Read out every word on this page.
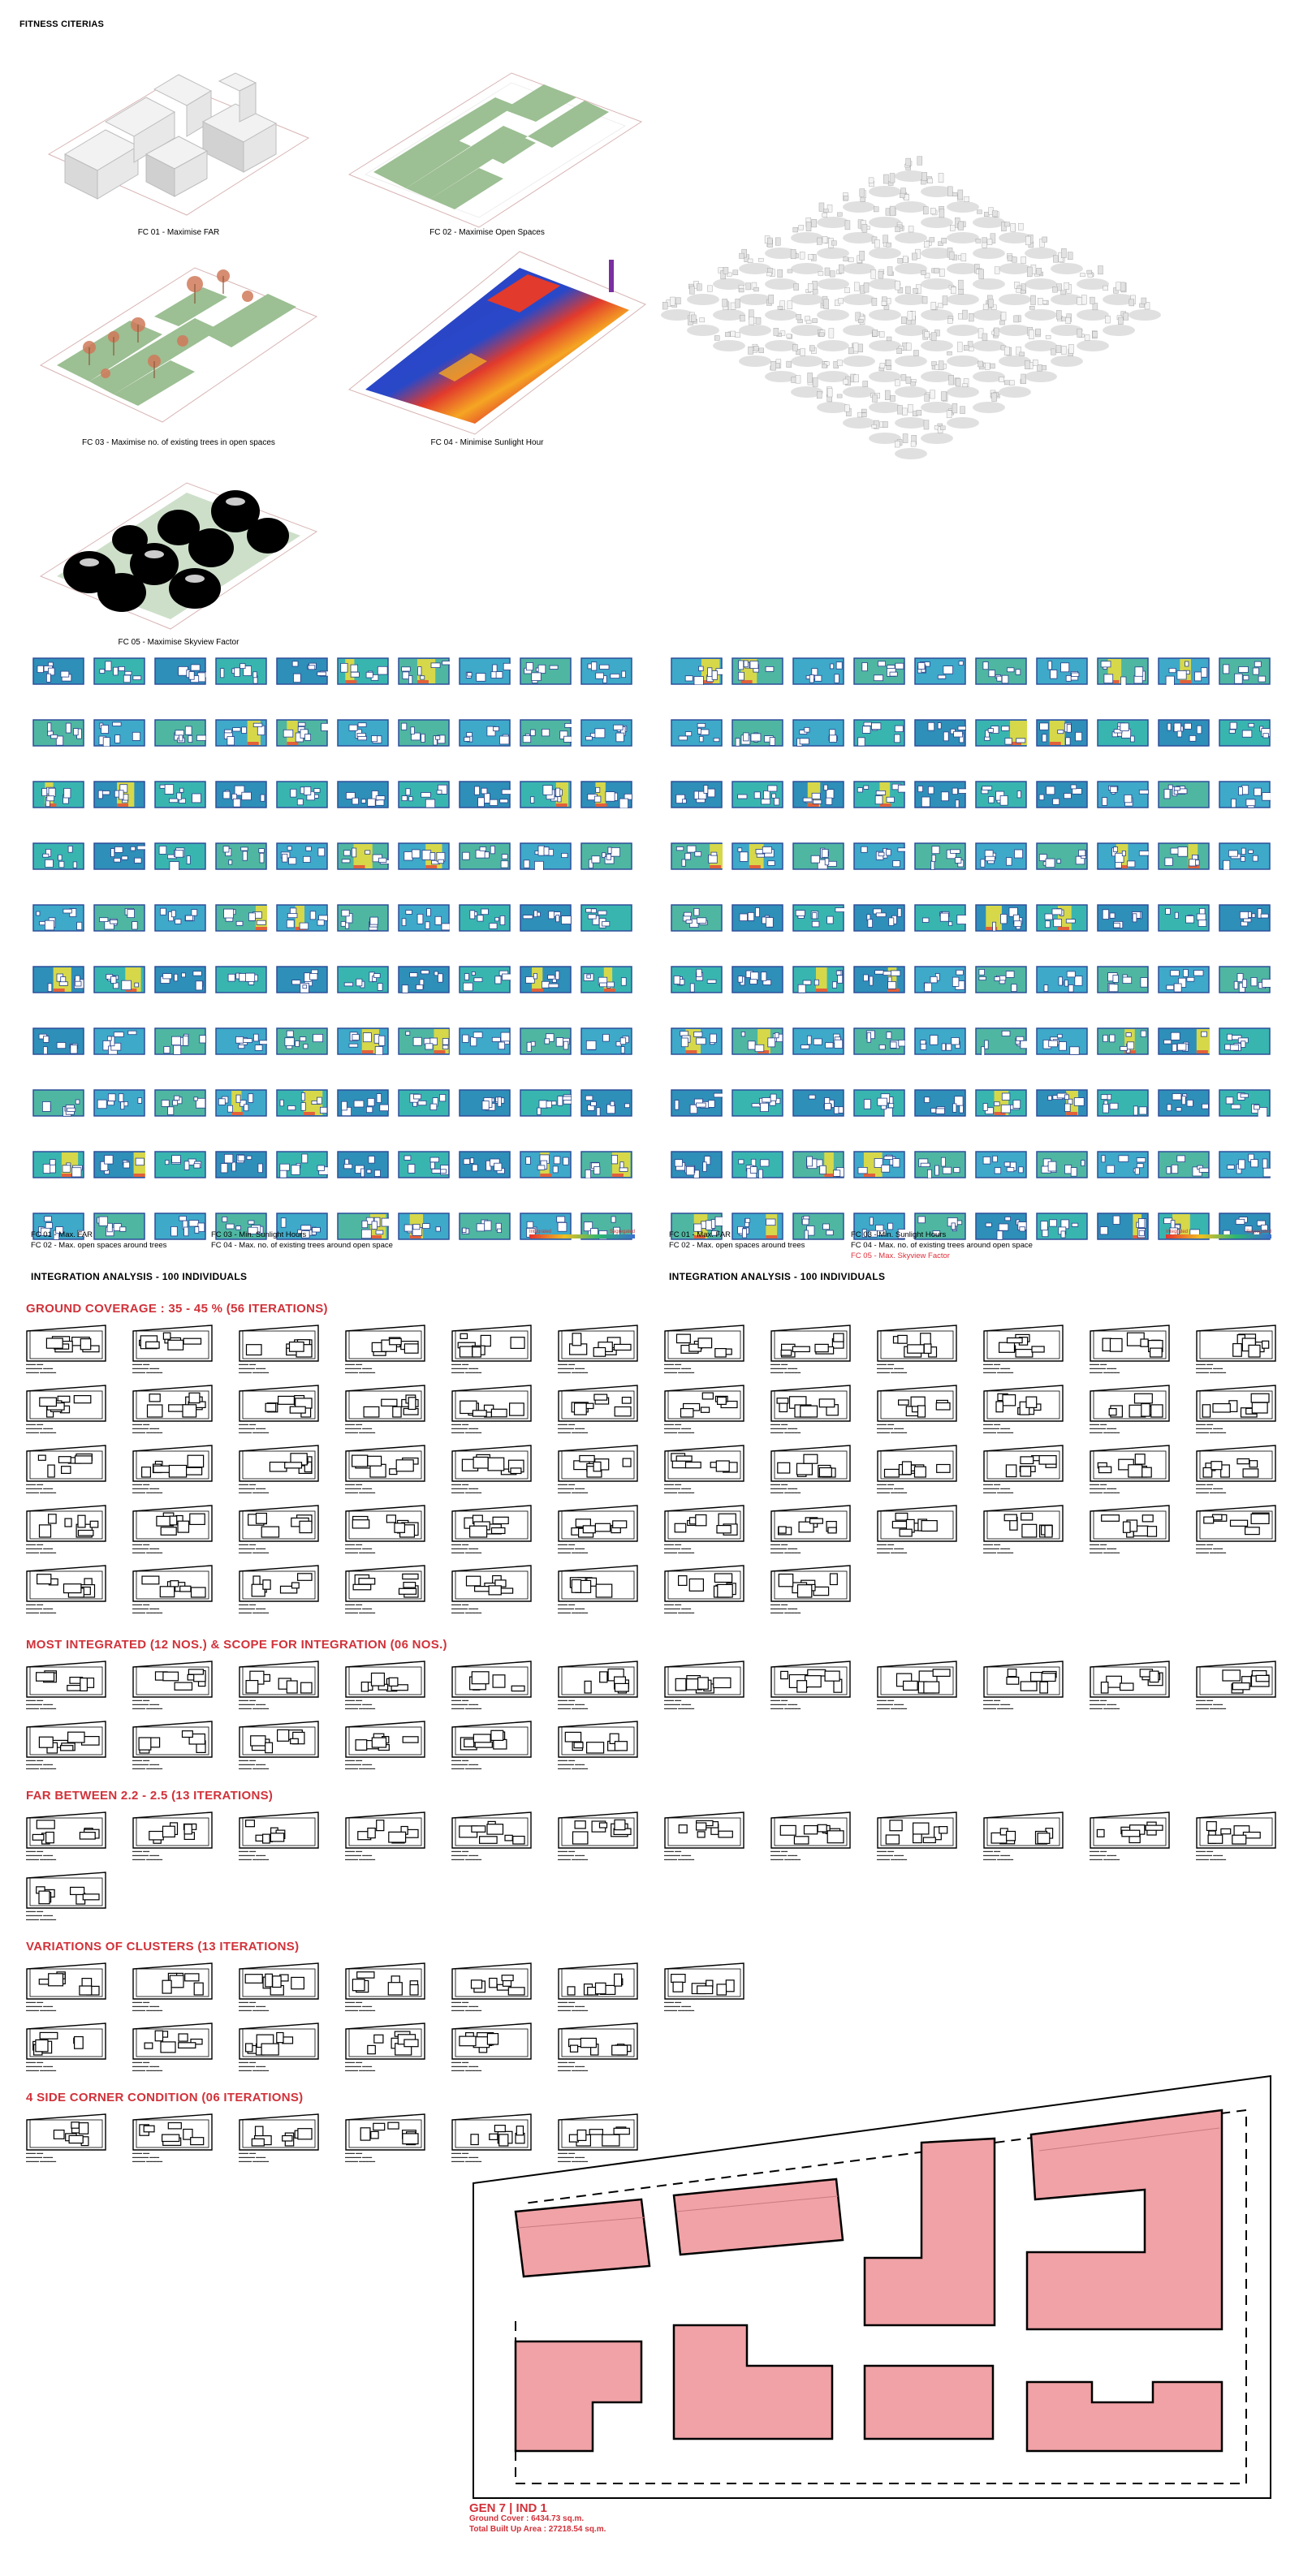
FITNESS CITERIAS
FC 01 - Maximise FAR	FC 02 - Maximise Open Spaces
FC 03 - Maximise no. of existing trees in open spaces	FC 04 - Minimise Sunlight Hour
FC 05 - Maximise Skyview Factor
FC 01 - Max. FAR
FC 02 - Max. open spaces around trees
FC 03 - Min. Sunlight Hours
FC 04 - Max. no. of existing trees around open space
Integrated	Segregated
INTEGRATION ANALYSIS - 100 INDIVIDUALS
FC 01 - Max. FAR
FC 02 - Max. open spaces around trees
FC 03 - Min. Sunlight Hours
FC 04 - Max. no. of existing trees around open space
FC 05 - Max. Skyview Factor
Integrated	Segregated
INTEGRATION ANALYSIS - 100 INDIVIDUALS
GROUND COVERAGE : 35 - 45 % (56 ITERATIONS)
▬▬▬ ▬▬
▬▬▬▬▬ ▬▬▬
▬▬▬▬ ▬▬▬▬▬
▬▬▬ ▬▬
▬▬▬▬▬ ▬▬▬
▬▬▬▬ ▬▬▬▬▬
▬▬▬ ▬▬
▬▬▬▬▬ ▬▬▬
▬▬▬▬ ▬▬▬▬▬
▬▬▬ ▬▬
▬▬▬▬▬ ▬▬▬
▬▬▬▬ ▬▬▬▬▬
▬▬▬ ▬▬
▬▬▬▬▬ ▬▬▬
▬▬▬▬ ▬▬▬▬▬
▬▬▬ ▬▬
▬▬▬▬▬ ▬▬▬
▬▬▬▬ ▬▬▬▬▬
▬▬▬ ▬▬
▬▬▬▬▬ ▬▬▬
▬▬▬▬ ▬▬▬▬▬
▬▬▬ ▬▬
▬▬▬▬▬ ▬▬▬
▬▬▬▬ ▬▬▬▬▬
▬▬▬ ▬▬
▬▬▬▬▬ ▬▬▬
▬▬▬▬ ▬▬▬▬▬
▬▬▬ ▬▬
▬▬▬▬▬ ▬▬▬
▬▬▬▬ ▬▬▬▬▬
▬▬▬ ▬▬
▬▬▬▬▬ ▬▬▬
▬▬▬▬ ▬▬▬▬▬
▬▬▬ ▬▬
▬▬▬▬▬ ▬▬▬
▬▬▬▬ ▬▬▬▬▬
▬▬▬ ▬▬
▬▬▬▬▬ ▬▬▬
▬▬▬▬ ▬▬▬▬▬
▬▬▬ ▬▬
▬▬▬▬▬ ▬▬▬
▬▬▬▬ ▬▬▬▬▬
▬▬▬ ▬▬
▬▬▬▬▬ ▬▬▬
▬▬▬▬ ▬▬▬▬▬
▬▬▬ ▬▬
▬▬▬▬▬ ▬▬▬
▬▬▬▬ ▬▬▬▬▬
▬▬▬ ▬▬
▬▬▬▬▬ ▬▬▬
▬▬▬▬ ▬▬▬▬▬
▬▬▬ ▬▬
▬▬▬▬▬ ▬▬▬
▬▬▬▬ ▬▬▬▬▬
▬▬▬ ▬▬
▬▬▬▬▬ ▬▬▬
▬▬▬▬ ▬▬▬▬▬
▬▬▬ ▬▬
▬▬▬▬▬ ▬▬▬
▬▬▬▬ ▬▬▬▬▬
▬▬▬ ▬▬
▬▬▬▬▬ ▬▬▬
▬▬▬▬ ▬▬▬▬▬
▬▬▬ ▬▬
▬▬▬▬▬ ▬▬▬
▬▬▬▬ ▬▬▬▬▬
▬▬▬ ▬▬
▬▬▬▬▬ ▬▬▬
▬▬▬▬ ▬▬▬▬▬
▬▬▬ ▬▬
▬▬▬▬▬ ▬▬▬
▬▬▬▬ ▬▬▬▬▬
▬▬▬ ▬▬
▬▬▬▬▬ ▬▬▬
▬▬▬▬ ▬▬▬▬▬
▬▬▬ ▬▬
▬▬▬▬▬ ▬▬▬
▬▬▬▬ ▬▬▬▬▬
▬▬▬ ▬▬
▬▬▬▬▬ ▬▬▬
▬▬▬▬ ▬▬▬▬▬
▬▬▬ ▬▬
▬▬▬▬▬ ▬▬▬
▬▬▬▬ ▬▬▬▬▬
▬▬▬ ▬▬
▬▬▬▬▬ ▬▬▬
▬▬▬▬ ▬▬▬▬▬
▬▬▬ ▬▬
▬▬▬▬▬ ▬▬▬
▬▬▬▬ ▬▬▬▬▬
▬▬▬ ▬▬
▬▬▬▬▬ ▬▬▬
▬▬▬▬ ▬▬▬▬▬
▬▬▬ ▬▬
▬▬▬▬▬ ▬▬▬
▬▬▬▬ ▬▬▬▬▬
▬▬▬ ▬▬
▬▬▬▬▬ ▬▬▬
▬▬▬▬ ▬▬▬▬▬
▬▬▬ ▬▬
▬▬▬▬▬ ▬▬▬
▬▬▬▬ ▬▬▬▬▬
▬▬▬ ▬▬
▬▬▬▬▬ ▬▬▬
▬▬▬▬ ▬▬▬▬▬
▬▬▬ ▬▬
▬▬▬▬▬ ▬▬▬
▬▬▬▬ ▬▬▬▬▬
▬▬▬ ▬▬
▬▬▬▬▬ ▬▬▬
▬▬▬▬ ▬▬▬▬▬
▬▬▬ ▬▬
▬▬▬▬▬ ▬▬▬
▬▬▬▬ ▬▬▬▬▬
▬▬▬ ▬▬
▬▬▬▬▬ ▬▬▬
▬▬▬▬ ▬▬▬▬▬
▬▬▬ ▬▬
▬▬▬▬▬ ▬▬▬
▬▬▬▬ ▬▬▬▬▬
▬▬▬ ▬▬
▬▬▬▬▬ ▬▬▬
▬▬▬▬ ▬▬▬▬▬
▬▬▬ ▬▬
▬▬▬▬▬ ▬▬▬
▬▬▬▬ ▬▬▬▬▬
▬▬▬ ▬▬
▬▬▬▬▬ ▬▬▬
▬▬▬▬ ▬▬▬▬▬
▬▬▬ ▬▬
▬▬▬▬▬ ▬▬▬
▬▬▬▬ ▬▬▬▬▬
▬▬▬ ▬▬
▬▬▬▬▬ ▬▬▬
▬▬▬▬ ▬▬▬▬▬
▬▬▬ ▬▬
▬▬▬▬▬ ▬▬▬
▬▬▬▬ ▬▬▬▬▬
▬▬▬ ▬▬
▬▬▬▬▬ ▬▬▬
▬▬▬▬ ▬▬▬▬▬
▬▬▬ ▬▬
▬▬▬▬▬ ▬▬▬
▬▬▬▬ ▬▬▬▬▬
▬▬▬ ▬▬
▬▬▬▬▬ ▬▬▬
▬▬▬▬ ▬▬▬▬▬
▬▬▬ ▬▬
▬▬▬▬▬ ▬▬▬
▬▬▬▬ ▬▬▬▬▬
▬▬▬ ▬▬
▬▬▬▬▬ ▬▬▬
▬▬▬▬ ▬▬▬▬▬
▬▬▬ ▬▬
▬▬▬▬▬ ▬▬▬
▬▬▬▬ ▬▬▬▬▬
▬▬▬ ▬▬
▬▬▬▬▬ ▬▬▬
▬▬▬▬ ▬▬▬▬▬
▬▬▬ ▬▬
▬▬▬▬▬ ▬▬▬
▬▬▬▬ ▬▬▬▬▬
▬▬▬ ▬▬
▬▬▬▬▬ ▬▬▬
▬▬▬▬ ▬▬▬▬▬
▬▬▬ ▬▬
▬▬▬▬▬ ▬▬▬
▬▬▬▬ ▬▬▬▬▬
MOST INTEGRATED (12 NOS.) & SCOPE FOR INTEGRATION (06 NOS.)
▬▬▬ ▬▬
▬▬▬▬▬ ▬▬▬
▬▬▬▬ ▬▬▬▬▬
▬▬▬ ▬▬
▬▬▬▬▬ ▬▬▬
▬▬▬▬ ▬▬▬▬▬
▬▬▬ ▬▬
▬▬▬▬▬ ▬▬▬
▬▬▬▬ ▬▬▬▬▬
▬▬▬ ▬▬
▬▬▬▬▬ ▬▬▬
▬▬▬▬ ▬▬▬▬▬
▬▬▬ ▬▬
▬▬▬▬▬ ▬▬▬
▬▬▬▬ ▬▬▬▬▬
▬▬▬ ▬▬
▬▬▬▬▬ ▬▬▬
▬▬▬▬ ▬▬▬▬▬
▬▬▬ ▬▬
▬▬▬▬▬ ▬▬▬
▬▬▬▬ ▬▬▬▬▬
▬▬▬ ▬▬
▬▬▬▬▬ ▬▬▬
▬▬▬▬ ▬▬▬▬▬
▬▬▬ ▬▬
▬▬▬▬▬ ▬▬▬
▬▬▬▬ ▬▬▬▬▬
▬▬▬ ▬▬
▬▬▬▬▬ ▬▬▬
▬▬▬▬ ▬▬▬▬▬
▬▬▬ ▬▬
▬▬▬▬▬ ▬▬▬
▬▬▬▬ ▬▬▬▬▬
▬▬▬ ▬▬
▬▬▬▬▬ ▬▬▬
▬▬▬▬ ▬▬▬▬▬
▬▬▬ ▬▬
▬▬▬▬▬ ▬▬▬
▬▬▬▬ ▬▬▬▬▬
▬▬▬ ▬▬
▬▬▬▬▬ ▬▬▬
▬▬▬▬ ▬▬▬▬▬
▬▬▬ ▬▬
▬▬▬▬▬ ▬▬▬
▬▬▬▬ ▬▬▬▬▬
▬▬▬ ▬▬
▬▬▬▬▬ ▬▬▬
▬▬▬▬ ▬▬▬▬▬
▬▬▬ ▬▬
▬▬▬▬▬ ▬▬▬
▬▬▬▬ ▬▬▬▬▬
▬▬▬ ▬▬
▬▬▬▬▬ ▬▬▬
▬▬▬▬ ▬▬▬▬▬
FAR BETWEEN 2.2 - 2.5 (13 ITERATIONS)
▬▬▬ ▬▬
▬▬▬▬▬ ▬▬▬
▬▬▬▬ ▬▬▬▬▬
▬▬▬ ▬▬
▬▬▬▬▬ ▬▬▬
▬▬▬▬ ▬▬▬▬▬
▬▬▬ ▬▬
▬▬▬▬▬ ▬▬▬
▬▬▬▬ ▬▬▬▬▬
▬▬▬ ▬▬
▬▬▬▬▬ ▬▬▬
▬▬▬▬ ▬▬▬▬▬
▬▬▬ ▬▬
▬▬▬▬▬ ▬▬▬
▬▬▬▬ ▬▬▬▬▬
▬▬▬ ▬▬
▬▬▬▬▬ ▬▬▬
▬▬▬▬ ▬▬▬▬▬
▬▬▬ ▬▬
▬▬▬▬▬ ▬▬▬
▬▬▬▬ ▬▬▬▬▬
▬▬▬ ▬▬
▬▬▬▬▬ ▬▬▬
▬▬▬▬ ▬▬▬▬▬
▬▬▬ ▬▬
▬▬▬▬▬ ▬▬▬
▬▬▬▬ ▬▬▬▬▬
▬▬▬ ▬▬
▬▬▬▬▬ ▬▬▬
▬▬▬▬ ▬▬▬▬▬
▬▬▬ ▬▬
▬▬▬▬▬ ▬▬▬
▬▬▬▬ ▬▬▬▬▬
▬▬▬ ▬▬
▬▬▬▬▬ ▬▬▬
▬▬▬▬ ▬▬▬▬▬
▬▬▬ ▬▬
▬▬▬▬▬ ▬▬▬
▬▬▬▬ ▬▬▬▬▬
VARIATIONS OF CLUSTERS (13 ITERATIONS)
▬▬▬ ▬▬
▬▬▬▬▬ ▬▬▬
▬▬▬▬ ▬▬▬▬▬
▬▬▬ ▬▬
▬▬▬▬▬ ▬▬▬
▬▬▬▬ ▬▬▬▬▬
▬▬▬ ▬▬
▬▬▬▬▬ ▬▬▬
▬▬▬▬ ▬▬▬▬▬
▬▬▬ ▬▬
▬▬▬▬▬ ▬▬▬
▬▬▬▬ ▬▬▬▬▬
▬▬▬ ▬▬
▬▬▬▬▬ ▬▬▬
▬▬▬▬ ▬▬▬▬▬
▬▬▬ ▬▬
▬▬▬▬▬ ▬▬▬
▬▬▬▬ ▬▬▬▬▬
▬▬▬ ▬▬
▬▬▬▬▬ ▬▬▬
▬▬▬▬ ▬▬▬▬▬
▬▬▬ ▬▬
▬▬▬▬▬ ▬▬▬
▬▬▬▬ ▬▬▬▬▬
▬▬▬ ▬▬
▬▬▬▬▬ ▬▬▬
▬▬▬▬ ▬▬▬▬▬
▬▬▬ ▬▬
▬▬▬▬▬ ▬▬▬
▬▬▬▬ ▬▬▬▬▬
▬▬▬ ▬▬
▬▬▬▬▬ ▬▬▬
▬▬▬▬ ▬▬▬▬▬
▬▬▬ ▬▬
▬▬▬▬▬ ▬▬▬
▬▬▬▬ ▬▬▬▬▬
▬▬▬ ▬▬
▬▬▬▬▬ ▬▬▬
▬▬▬▬ ▬▬▬▬▬
4 SIDE CORNER CONDITION (06 ITERATIONS)
▬▬▬ ▬▬
▬▬▬▬▬ ▬▬▬
▬▬▬▬ ▬▬▬▬▬
▬▬▬ ▬▬
▬▬▬▬▬ ▬▬▬
▬▬▬▬ ▬▬▬▬▬
▬▬▬ ▬▬
▬▬▬▬▬ ▬▬▬
▬▬▬▬ ▬▬▬▬▬
▬▬▬ ▬▬
▬▬▬▬▬ ▬▬▬
▬▬▬▬ ▬▬▬▬▬
▬▬▬ ▬▬
▬▬▬▬▬ ▬▬▬
▬▬▬▬ ▬▬▬▬▬
▬▬▬ ▬▬
▬▬▬▬▬ ▬▬▬
▬▬▬▬ ▬▬▬▬▬
GEN 7 | IND 1
Ground Cover : 6434.73 sq.m.
Total Built Up Area : 27218.54 sq.m.
